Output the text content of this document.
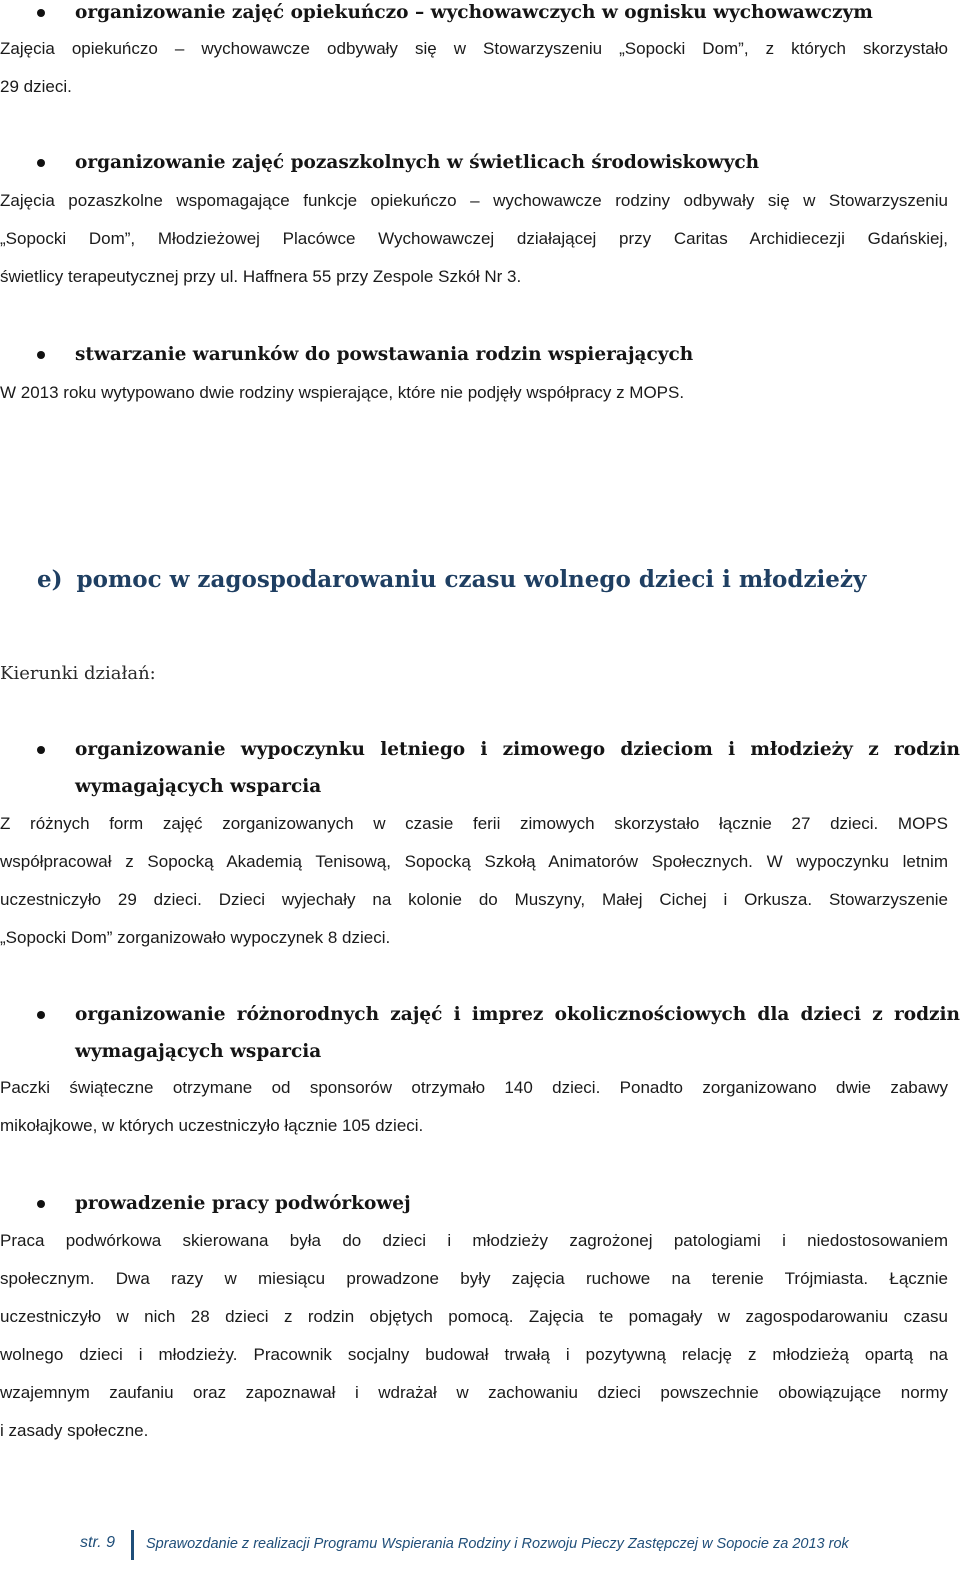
organizowanie zajęć opiekuńczo – wychowawczych w ognisku wychowawczym
Zajęcia opiekuńczo – wychowawcze odbywały się w Stowarzyszeniu „Sopocki Dom”, z których skorzystało
29 dzieci.
organizowanie zajęć pozaszkolnych w świetlicach środowiskowych
Zajęcia pozaszkolne wspomagające funkcje opiekuńczo – wychowawcze rodziny odbywały się w Stowarzyszeniu
„Sopocki Dom”, Młodzieżowej Placówce Wychowawczej działającej przy Caritas Archidiecezji Gdańskiej,
świetlicy terapeutycznej przy ul. Haffnera 55 przy Zespole Szkół Nr 3.
stwarzanie warunków do powstawania rodzin wspierających
W 2013 roku wytypowano dwie rodziny wspierające, które nie podjęły współpracy z MOPS.
e) pomoc w zagospodarowaniu czasu wolnego dzieci i młodzieży
Kierunki działań:
organizowanie wypoczynku letniego i zimowego dzieciom i młodzieży z rodzin
wymagających wsparcia
Z różnych form zajęć zorganizowanych w czasie ferii zimowych skorzystało łącznie 27 dzieci. MOPS
współpracował z Sopocką Akademią Tenisową, Sopocką Szkołą Animatorów Społecznych. W wypoczynku letnim
uczestniczyło 29 dzieci. Dzieci wyjechały na kolonie do Muszyny, Małej Cichej i Orkusza. Stowarzyszenie
„Sopocki Dom” zorganizowało wypoczynek 8 dzieci.
organizowanie różnorodnych zajęć i imprez okolicznościowych dla dzieci z rodzin
wymagających wsparcia
Paczki świąteczne otrzymane od sponsorów otrzymało 140 dzieci. Ponadto zorganizowano dwie zabawy
mikołajkowe, w których uczestniczyło łącznie 105 dzieci.
prowadzenie pracy podwórkowej
Praca podwórkowa skierowana była do dzieci i młodzieży zagrożonej patologiami i niedostosowaniem
społecznym. Dwa razy w miesiącu prowadzone były zajęcia ruchowe na terenie Trójmiasta. Łącznie
uczestniczyło w nich 28 dzieci z rodzin objętych pomocą. Zajęcia te pomagały w zagospodarowaniu czasu
wolnego dzieci i młodzieży. Pracownik socjalny budował trwałą i pozytywną relację z młodzieżą opartą na
wzajemnym zaufaniu oraz zapoznawał i wdrażał w zachowaniu dzieci powszechnie obowiązujące normy
i zasady społeczne.
str. 9 Sprawozdanie z realizacji Programu Wspierania Rodziny i Rozwoju Pieczy Zastępczej w Sopocie za 2013 rok
